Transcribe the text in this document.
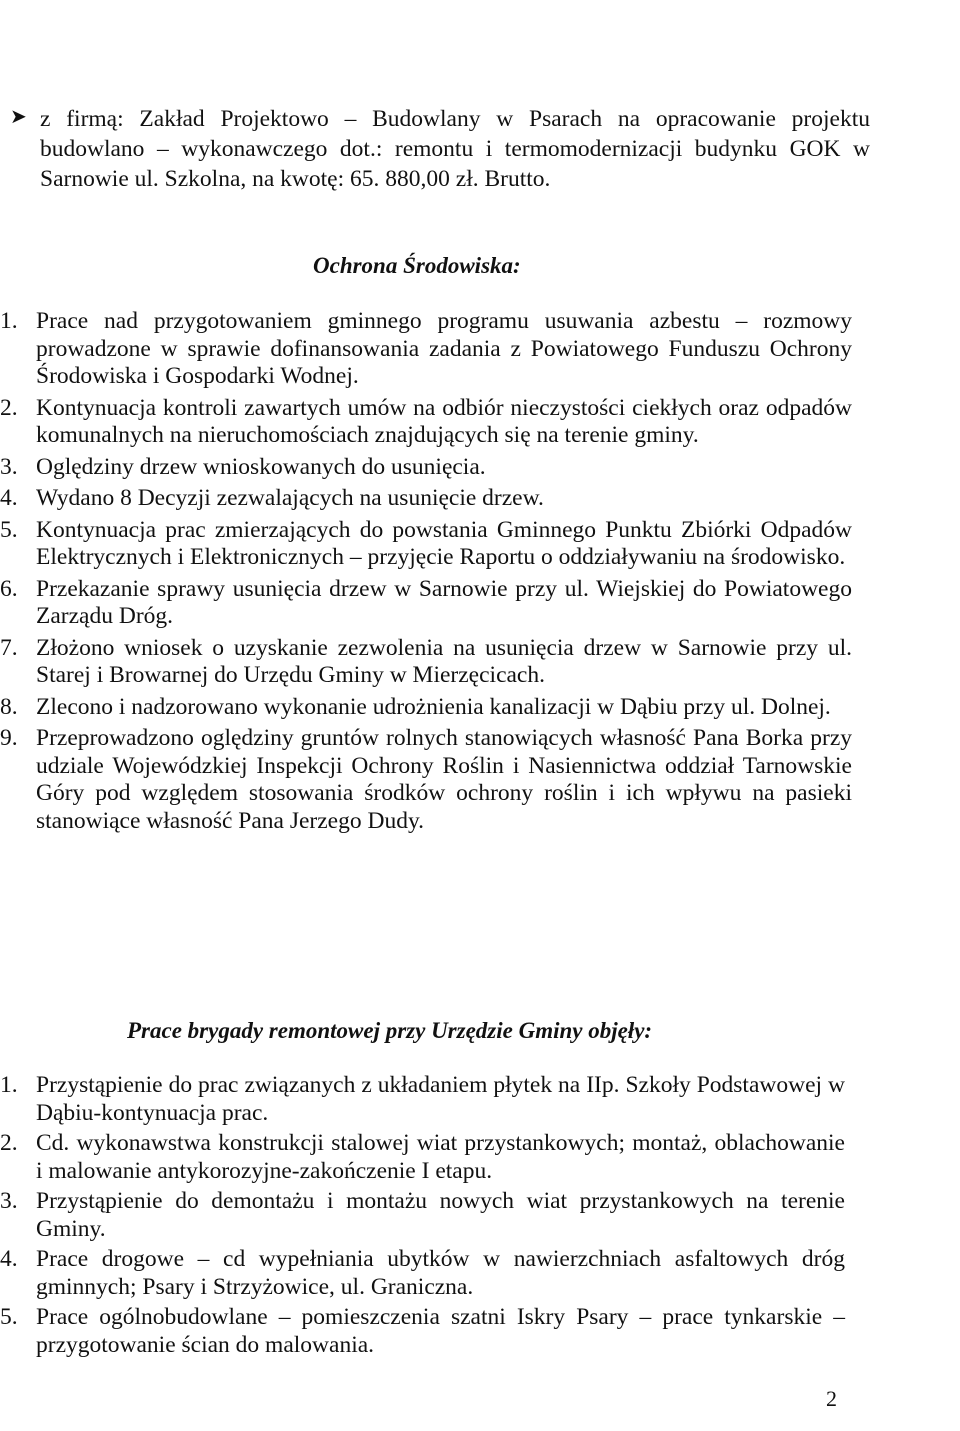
➤ z firmą: Zakład Projektowo – Budowlany w Psarach na opracowanie projektu budowlano – wykonawczego dot.: remontu i termomodernizacji budynku GOK w Sarnowie ul. Szkolna, na kwotę: 65. 880,00 zł. Brutto.
Ochrona Środowiska:
1. Prace nad przygotowaniem gminnego programu usuwania azbestu – rozmowy prowadzone w sprawie dofinansowania zadania z Powiatowego Funduszu Ochrony Środowiska i Gospodarki Wodnej.
2. Kontynuacja kontroli zawartych umów na odbiór nieczystości ciekłych oraz odpadów komunalnych na nieruchomościach znajdujących się na terenie gminy.
3. Oględziny drzew wnioskowanych do usunięcia.
4. Wydano 8 Decyzji zezwalających na usunięcie drzew.
5. Kontynuacja prac zmierzających do powstania Gminnego Punktu Zbiórki Odpadów Elektrycznych i Elektronicznych – przyjęcie Raportu o oddziaływaniu na środowisko.
6. Przekazanie sprawy usunięcia drzew w Sarnowie przy ul. Wiejskiej do Powiatowego Zarządu Dróg.
7. Złożono wniosek o uzyskanie zezwolenia na usunięcia drzew w Sarnowie przy ul. Starej i Browarnej do Urzędu Gminy w Mierzęcicach.
8. Zlecono i nadzorowano wykonanie udrożnienia kanalizacji w Dąbiu przy ul. Dolnej.
9. Przeprowadzono oględziny gruntów rolnych stanowiących własność Pana Borka przy udziale Wojewódzkiej Inspekcji Ochrony Roślin i Nasiennictwa oddział Tarnowskie Góry pod względem stosowania środków ochrony roślin i ich wpływu na pasieki stanowiące własność Pana Jerzego Dudy.
Prace brygady remontowej przy Urzędzie Gminy objęły:
1. Przystąpienie do prac związanych z układaniem płytek na IIp. Szkoły Podstawowej w Dąbiu-kontynuacja prac.
2. Cd. wykonawstwa konstrukcji stalowej wiat przystankowych; montaż, oblachowanie i malowanie antykorozyjne-zakończenie I etapu.
3. Przystąpienie do demontażu i montażu nowych wiat przystankowych na terenie Gminy.
4. Prace drogowe – cd wypełniania ubytków w nawierzchniach asfaltowych dróg gminnych; Psary i Strzyżowice, ul. Graniczna.
5. Prace ogólnobudowlane – pomieszczenia szatni Iskry Psary – prace tynkarskie – przygotowanie ścian do malowania.
2
